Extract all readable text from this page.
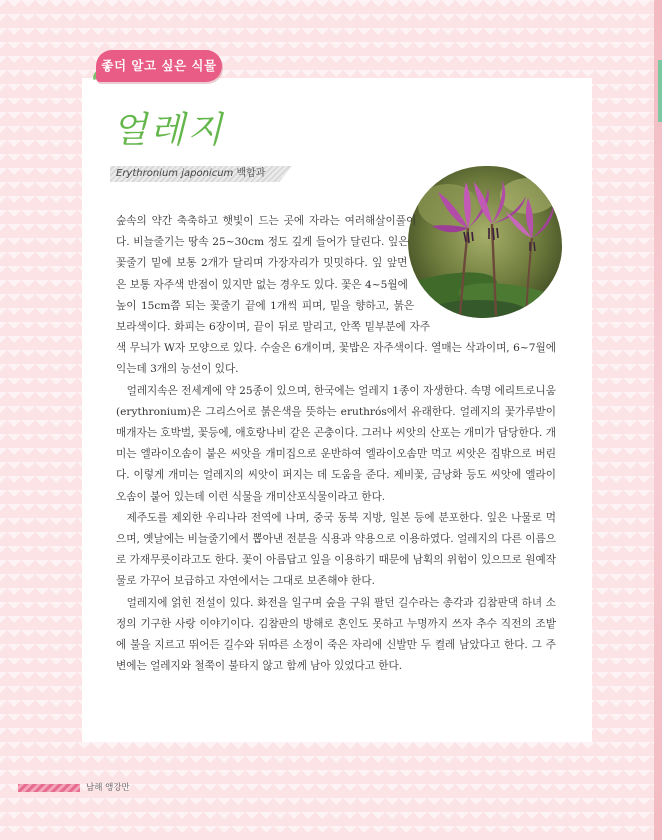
좋더 알고 싶은 식물
얼레지
Erythronium japonicum 백합과

숲속의 약간 축축하고 햇빛이 드는 곳에 자라는 여러해살이풀이다. 비늘줄기는 땅속 25~30cm 정도 깊게 들어가 달린다. 잎은 꽃줄기 밑에 보통 2개가 달리며 가장자리가 밋밋하다. 잎 앞면은 보통 자주색 반점이 있지만 없는 경우도 있다. 꽃은 4~5월에 높이 15cm쯤 되는 꽃줄기 끝에 1개씩 피며, 밑을 향하고, 붉은 보라색이다. 화피는 6장이며, 끝이 뒤로 말리고, 안쪽 밑부분에 자주색 무늬가 W자 모양으로 있다. 수술은 6개이며, 꽃밥은 자주색이다. 열매는 삭과이며, 6~7월에 익는데 3개의 능선이 있다.

얼레지속은 전세계에 약 25종이 있으며, 한국에는 얼레지 1종이 자생한다. 속명 에리트로니움(erythronium)은 그리스어로 붉은색을 뜻하는 eruthrós에서 유래한다. 얼레지의 꽃가루받이 매개자는 호박벌, 꽃등에, 애호랑나비 같은 곤충이다. 그러나 씨앗의 산포는 개미가 담당한다. 개미는 엘라이오솜이 붙은 씨앗을 개미집으로 운반하여 엘라이오솜만 먹고 씨앗은 집밖으로 버린다. 이렇게 개미는 얼레지의 씨앗이 퍼지는 데 도움을 준다. 제비꽃, 금낭화 등도 씨앗에 엘라이오솜이 붙어 있는데 이런 식물을 개미산포식물이라고 한다.

제주도를 제외한 우리나라 전역에 나며, 중국 동북 지방, 일본 등에 분포한다. 잎은 나물로 먹으며, 옛날에는 비늘줄기에서 뽑아낸 전분을 식용과 약용으로 이용하였다. 얼레지의 다른 이름으로 가재무릇이라고도 한다. 꽃이 아름답고 잎을 이용하기 때문에 남획의 위험이 있으므로 원예작물로 가꾸어 보급하고 자연에서는 그대로 보존해야 한다.

얼레지에 얽힌 전설이 있다. 화전을 일구며 숲을 구워 팔던 길수라는 총각과 김참판댁 하녀 소정의 기구한 사랑 이야기이다. 김참판의 방해로 혼인도 못하고 누명까지 쓰자 추수 직전의 조밭에 불을 지르고 뛰어든 길수와 뒤따른 소정이 죽은 자리에 신발만 두 켤레 남았다고 한다. 그 주변에는 얼레지와 철쭉이 불타지 않고 함께 남아 있었다고 한다.

남해 앵강만
